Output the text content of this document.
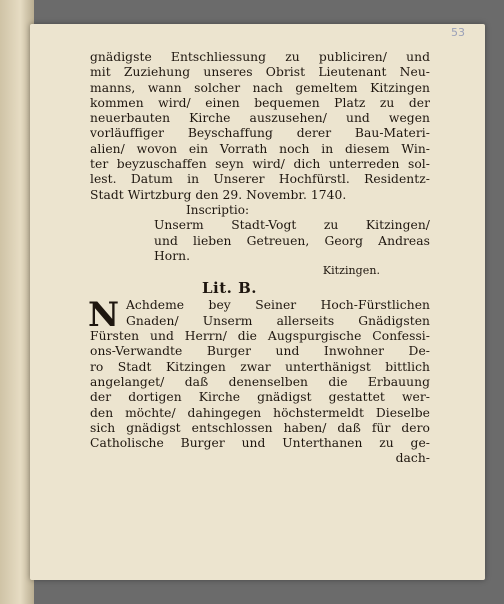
53
gnädigste Entschliessung zu publiciren/ und
mit Zuziehung unseres Obrist Lieutenant Neu-
manns, wann solcher nach gemeltem Kitzingen
kommen wird/ einen bequemen Platz zu der
neuerbauten Kirche auszusehen/ und wegen
vorläuffiger Beyschaffung derer Bau-Materi-
alien/ wovon ein Vorrath noch in diesem Win-
ter beyzuschaffen seyn wird/ dich unterreden sol-
lest. Datum in Unserer Hochfürstl. Residentz-
Stadt Wirtzburg den 29. Novembr. 1740.
Inscriptio:
Unserm Stadt-Vogt zu Kitzingen/
und lieben Getreuen, Georg Andreas
Horn.
Kitzingen.
Lit. B.
N Achdeme bey Seiner Hoch-Fürstlichen
Gnaden/ Unserm allerseits Gnädigsten
Fürsten und Herrn/ die Augspurgische Confessi-
ons-Verwandte Burger und Inwohner De-
ro Stadt Kitzingen zwar unterthänigst bittlich
angelanget/ daß denenselben die Erbauung
der dortigen Kirche gnädigst gestattet wer-
den möchte/ dahingegen höchstermeldt Dieselbe
sich gnädigst entschlossen haben/ daß für dero
Catholische Burger und Unterthanen zu ge-
dach-
